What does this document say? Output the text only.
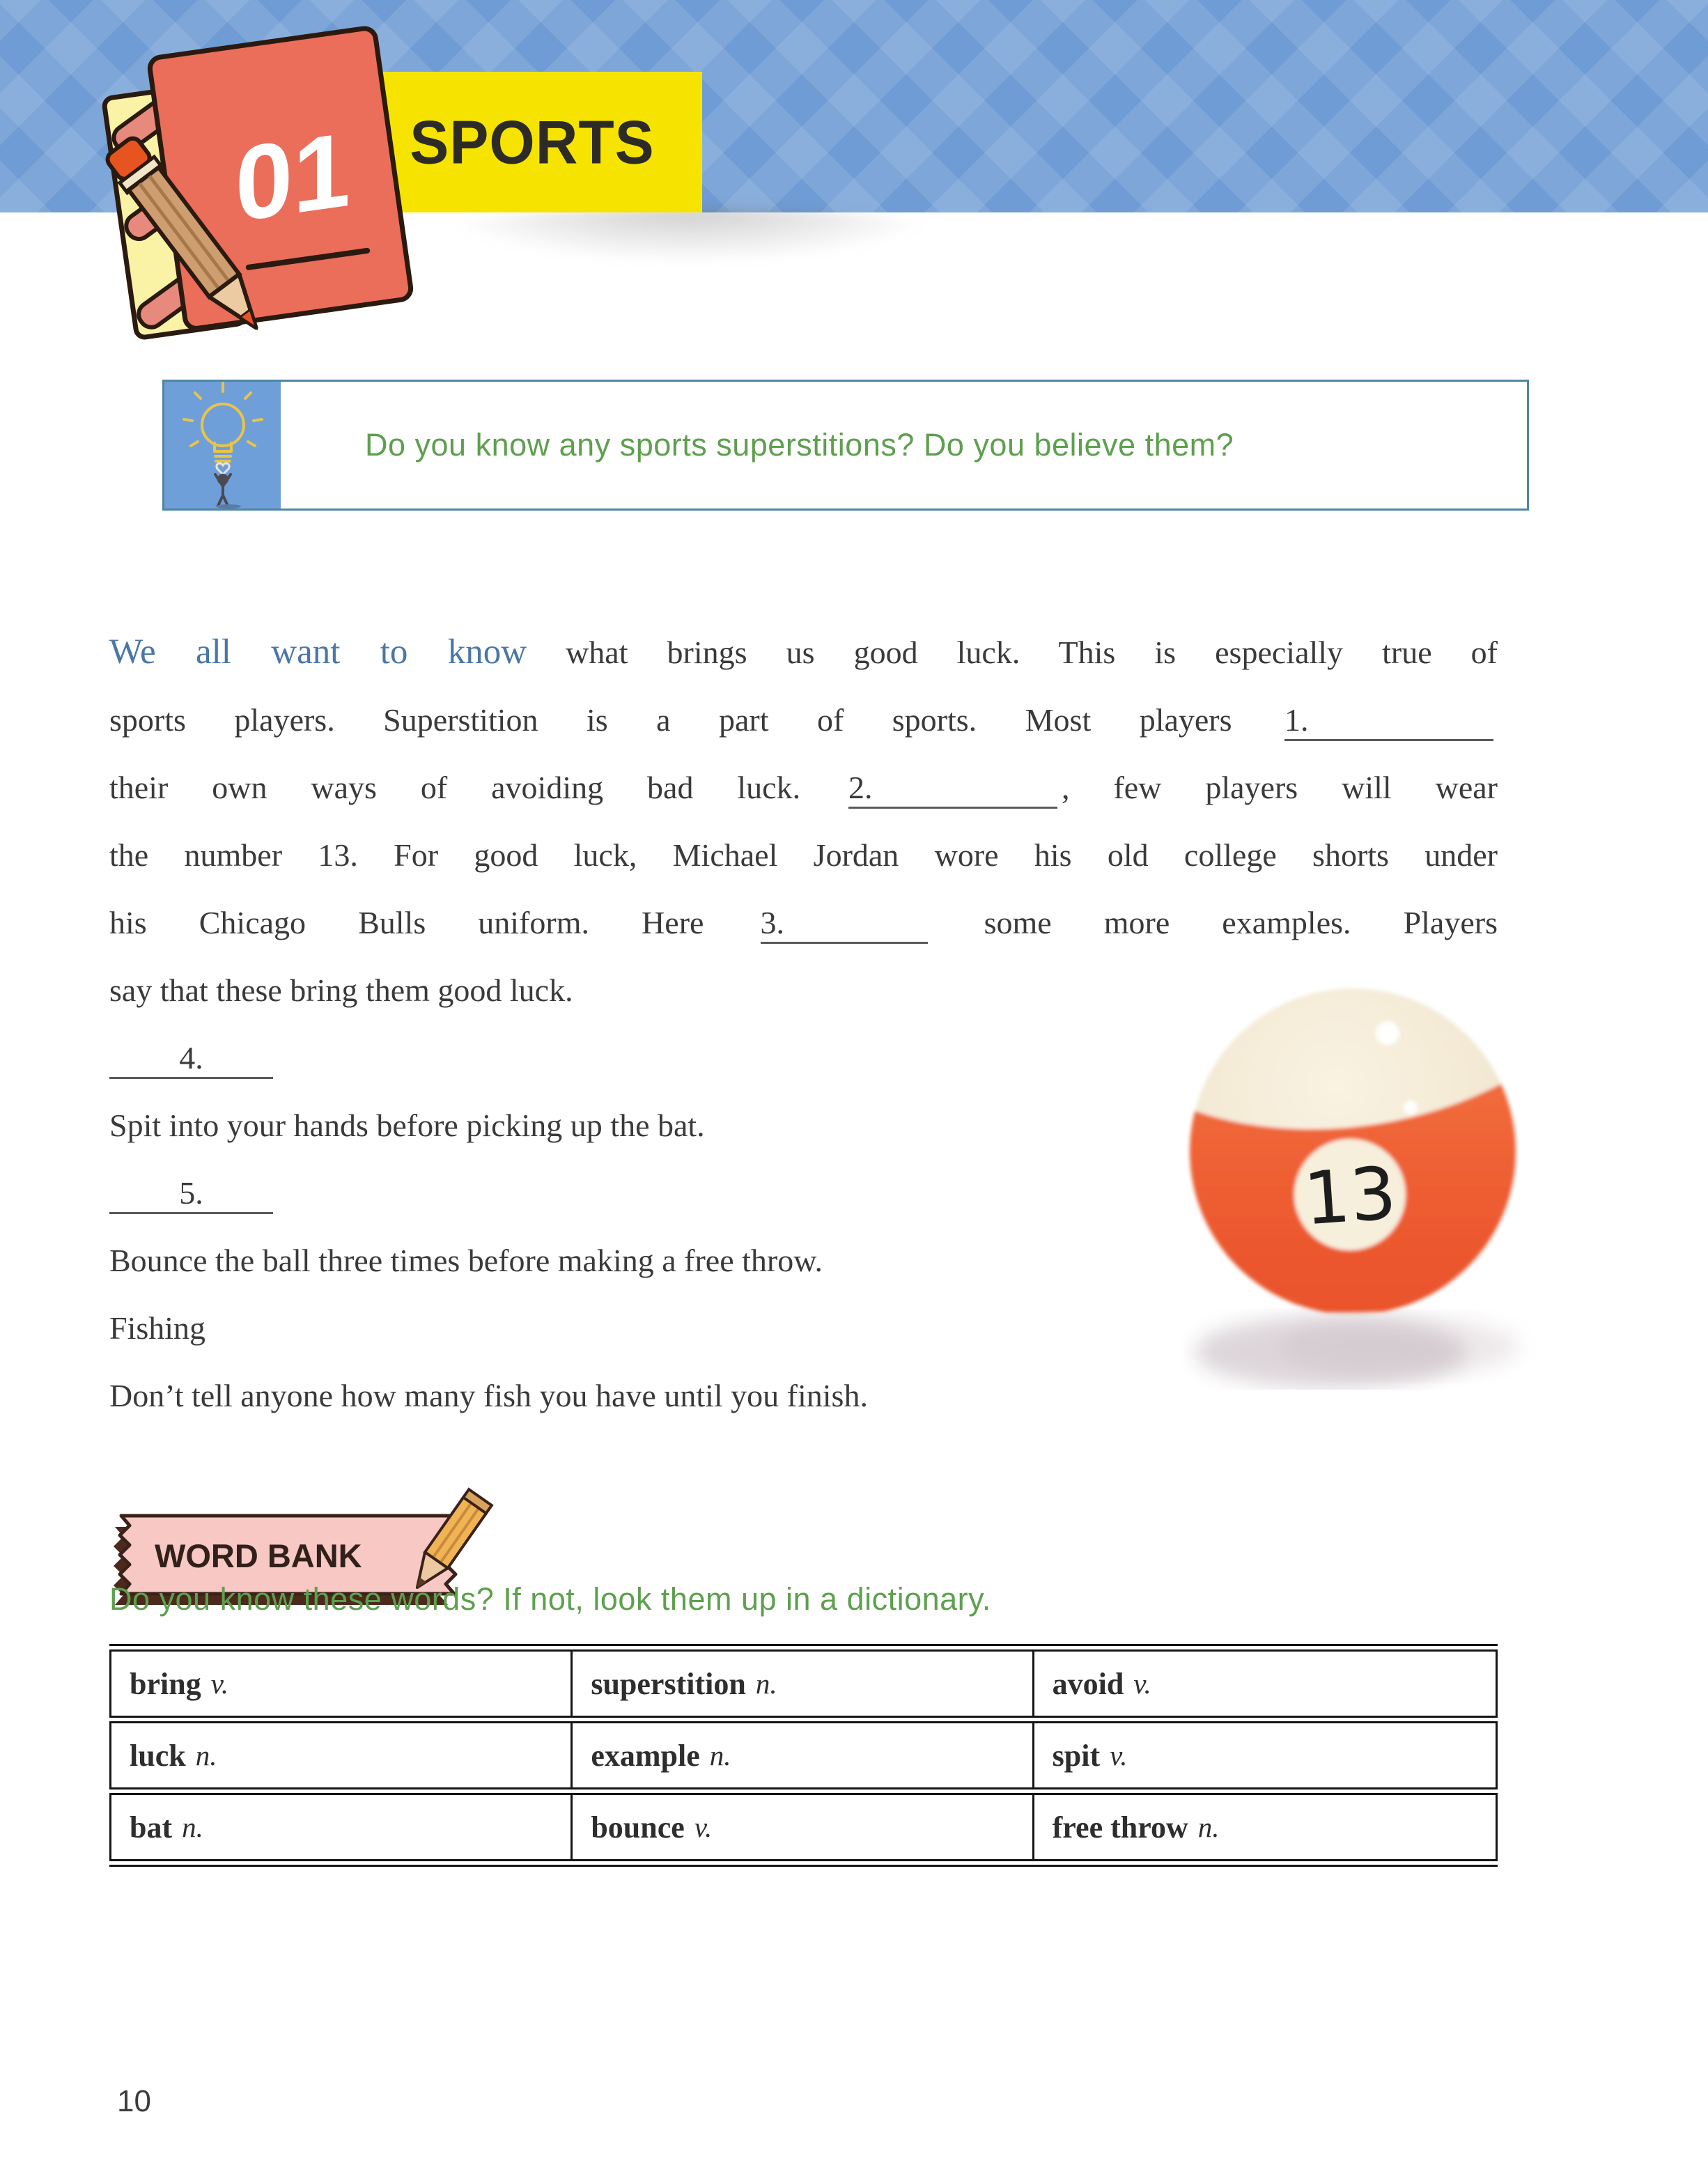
SPORTS
01
Do you know any sports superstitions? Do you believe them?
We all want to know what brings us good luck. This is especially true of
sports players. Superstition is a part of sports. Most players 1.
their own ways of avoiding bad luck. 2.	, few players will wear
the number 13. For good luck, Michael Jordan wore his old college shorts under
his Chicago Bulls uniform. Here 3.	some more examples. Players
say that these bring them good luck.
4.
Spit into your hands before picking up the bat.
5.
Bounce the ball three times before making a free throw.
Fishing
Don’t tell anyone how many fish you have until you finish.
13
WORD BANK
Do you know these words? If not, look them up in a dictionary.
bring v.	superstition n.	avoid v.
luck n.	example n.	spit v.
bat n.	bounce v.	free throw n.
10
